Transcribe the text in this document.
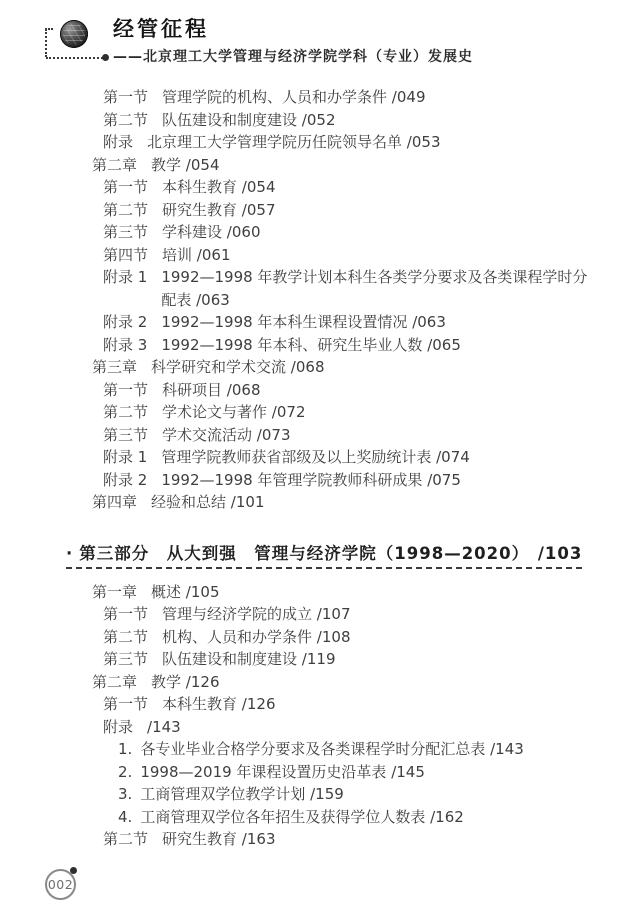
经管征程
——北京理工大学管理与经济学院学科（专业）发展史
第一节 管理学院的机构、人员和办学条件 /049
第二节 队伍建设和制度建设 /052
附录 北京理工大学管理学院历任院领导名单 /053
第二章 教学 /054
第一节 本科生教育 /054
第二节 研究生教育 /057
第三节 学科建设 /060
第四节 培训 /061
附录 1 1992—1998 年教学计划本科生各类学分要求及各类课程学时分配表 /063
附录 2 1992—1998 年本科生课程设置情况 /063
附录 3 1992—1998 年本科、研究生毕业人数 /065
第三章 科学研究和学术交流 /068
第一节 科研项目 /068
第二节 学术论文与著作 /072
第三节 学术交流活动 /073
附录 1 管理学院教师获省部级及以上奖励统计表 /074
附录 2 1992—1998 年管理学院教师科研成果 /075
第四章 经验和总结 /101
· 第三部分　从大到强　管理与经济学院（1998—2020） /103
第一章 概述 /105
第一节 管理与经济学院的成立 /107
第二节 机构、人员和办学条件 /108
第三节 队伍建设和制度建设 /119
第二章 教学 /126
第一节 本科生教育 /126
附录 /143
1. 各专业毕业合格学分要求及各类课程学时分配汇总表 /143
2. 1998—2019 年课程设置历史沿革表 /145
3. 工商管理双学位教学计划 /159
4. 工商管理双学位各年招生及获得学位人数表 /162
第二节 研究生教育 /163
002
